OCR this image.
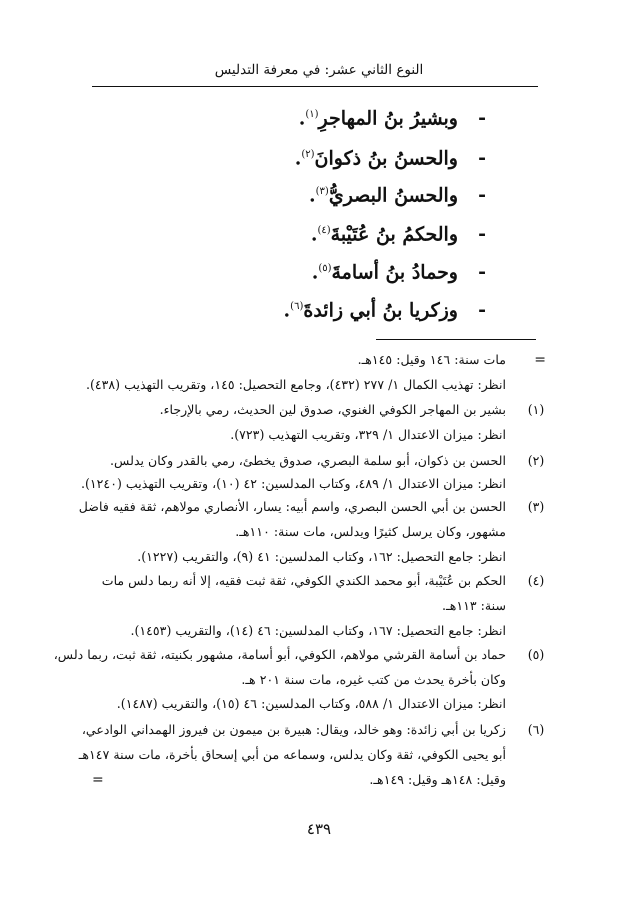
النوع الثاني عشر: في معرفة التدليس
-وبشيرُ بنُ المهاجرِ$^{(١)}$.
-والحسنُ بنُ ذكوانَ$^{(٢)}$.
-والحسنُ البصريُّ$^{(٣)}$.
-والحكمُ بنُ عُتَيْبةَ$^{(٤)}$.
-وحمادُ بنُ أسامةَ$^{(٥)}$.
-وزكريا بنُ أبي زائدةَ$^{(٦)}$.
=
(١)
(٢)
(٣)
(٤)
(٥)
(٦)
مات سنة: ١٤٦ وقيل: ١٤٥هـ.
انظر: تهذيب الكمال ١/ ٢٧٧ (٤٣٢)، وجامع التحصيل: ١٤٥، وتقريب التهذيب (٤٣٨).
بشير بن المهاجر الكوفي الغنوي، صدوق لين الحديث، رمي بالإرجاء.
انظر: ميزان الاعتدال ١/ ٣٢٩، وتقريب التهذيب (٧٢٣).
الحسن بن ذكوان، أبو سلمة البصري، صدوق يخطئ، رمي بالقدر وكان يدلس.
انظر: ميزان الاعتدال ١/ ٤٨٩، وكتاب المدلسين: ٤٢ (١٠)، وتقريب التهذيب (١٢٤٠).
الحسن بن أبي الحسن البصري، واسم أبيه: يسار، الأنصاري مولاهم، ثقة فقيه فاضل
مشهور، وكان يرسل كثيرًا ويدلس، مات سنة: ١١٠هـ.
انظر: جامع التحصيل: ١٦٢، وكتاب المدلسين: ٤١ (٩)، والتقريب (١٢٢٧).
الحكم بن عُتَيْبة، أبو محمد الكندي الكوفي، ثقة ثبت فقيه، إلا أنه ربما دلس مات
سنة: ١١٣هـ.
انظر: جامع التحصيل: ١٦٧، وكتاب المدلسين: ٤٦ (١٤)، والتقريب (١٤٥٣).
حماد بن أسامة القرشي مولاهم، الكوفي، أبو أسامة، مشهور بكنيته، ثقة ثبت، ربما دلس،
وكان بأخرة يحدث من كتب غيره، مات سنة ٢٠١ هـ.
انظر: ميزان الاعتدال ١/ ٥٨٨، وكتاب المدلسين: ٤٦ (١٥)، والتقريب (١٤٨٧).
زكريا بن أبي زائدة: وهو خالد، ويقال: هبيرة بن ميمون بن فيروز الهمداني الوادعي،
أبو يحيى الكوفي، ثقة وكان يدلس، وسماعه من أبي إسحاق بأخرة، مات سنة ١٤٧هـ
وقيل: ١٤٨هـ وقيل: ١٤٩هـ.
=
٤٣٩
